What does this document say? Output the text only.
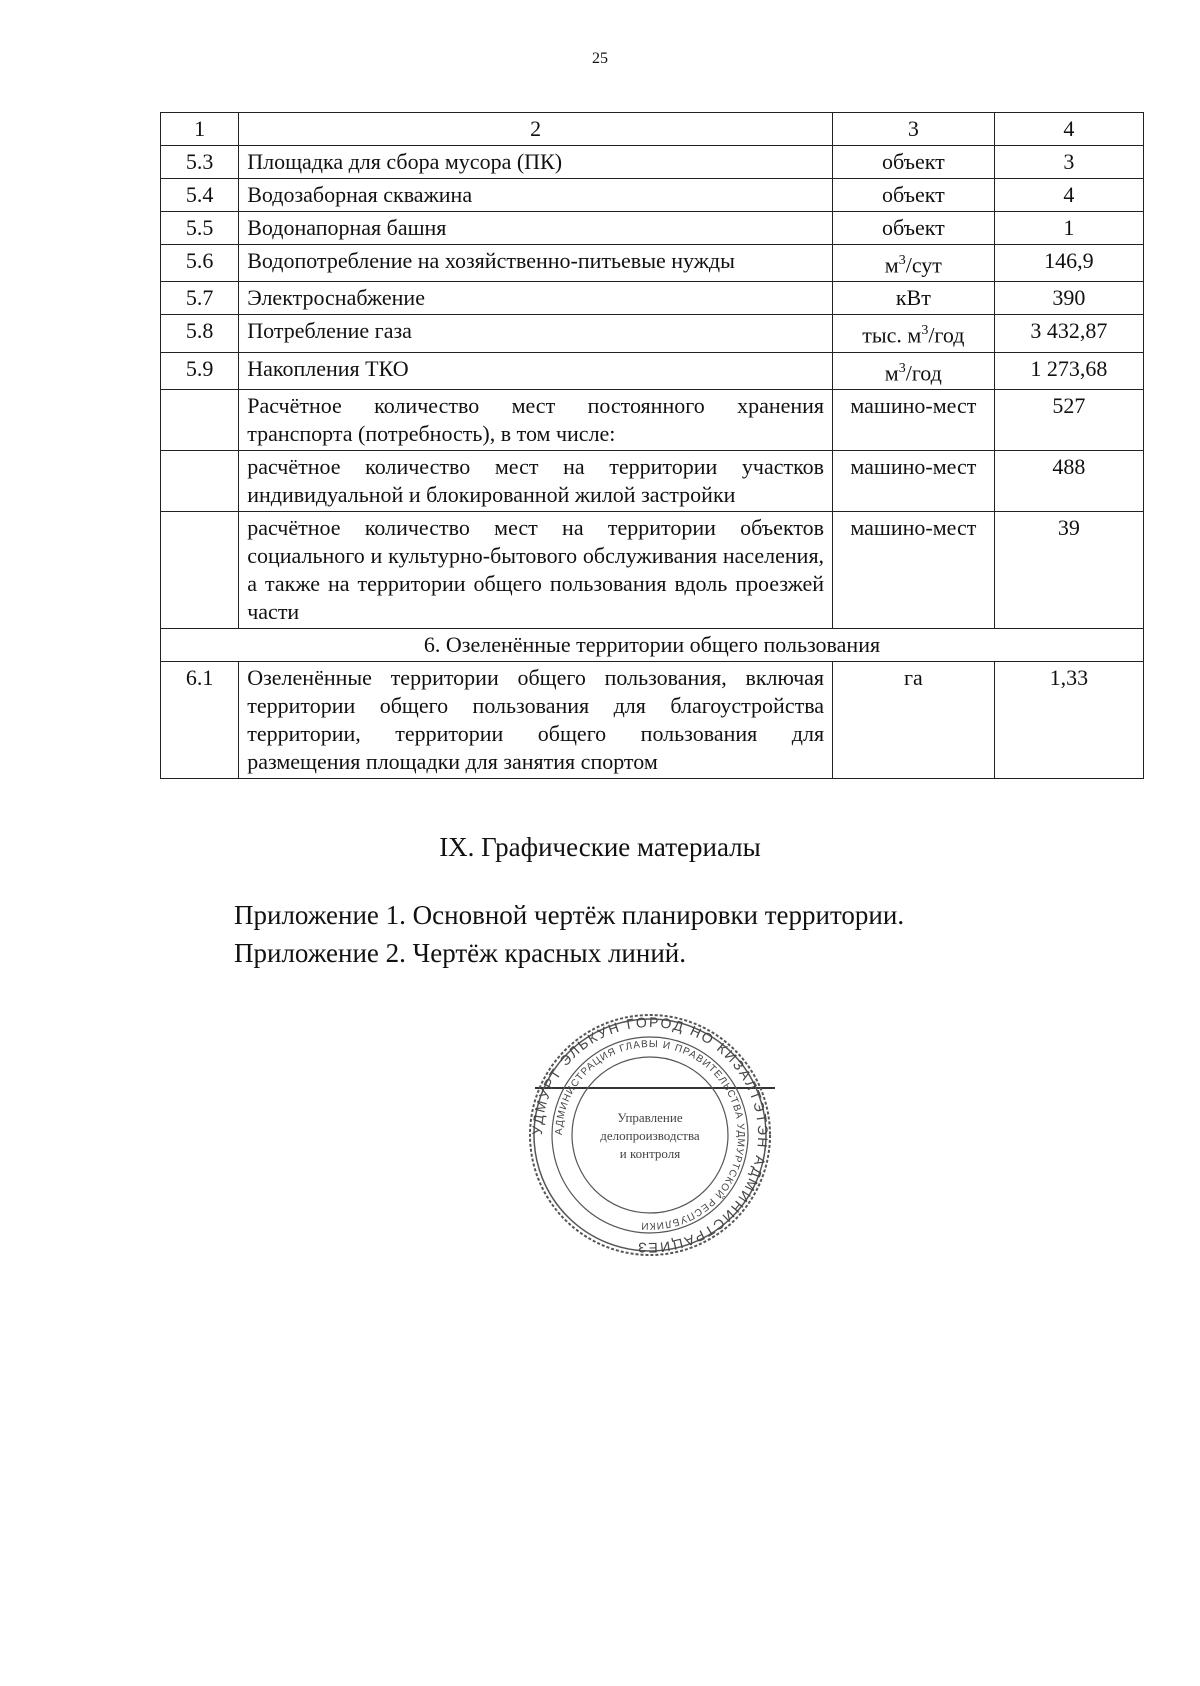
25
1	2	3	4
5.3	Площадка для сбора мусора (ПК)	объект	3
5.4	Водозаборная скважина	объект	4
5.5	Водонапорная башня	объект	1
5.6	Водопотребление на хозяйственно-питьевые нужды	$м^3$/сут	146,9
5.7	Электроснабжение	кВт	390
5.8	Потребление газа	тыс. $м^3$/год	3 432,87
5.9	Накопления ТКО	$м^3$/год	1 273,68
	Расчётное количество мест постоянного хранения транспорта (потребность), в том числе:	машино-мест	527
	расчётное количество мест на территории участков индивидуальной и блокированной жилой застройки	машино-мест	488
	расчётное количество мест на территории объектов социального и культурно-бытового обслуживания населения, а также на территории общего пользования вдоль проезжей части	машино-мест	39
6. Озеленённые территории общего пользования			
6.1	Озеленённые территории общего пользования, включая территории общего пользования для благоустройства территории, территории общего пользования для размещения площадки для занятия спортом	га	1,33
IX. Графические материалы
Приложение 1. Основной чертёж планировки территории.
Приложение 2. Чертёж красных линий.
УДМУРТ ЭЛЬКУН ГОРОД НО КИЗАЛТЭТЭН АДМИНИСТРАЦИЕЗ
АДМИНИСТРАЦИЯ ГЛАВЫ И ПРАВИТЕЛЬСТВА УДМУРТСКОЙ РЕСПУБЛИКИ
Управление
делопроизводства
и контроля
